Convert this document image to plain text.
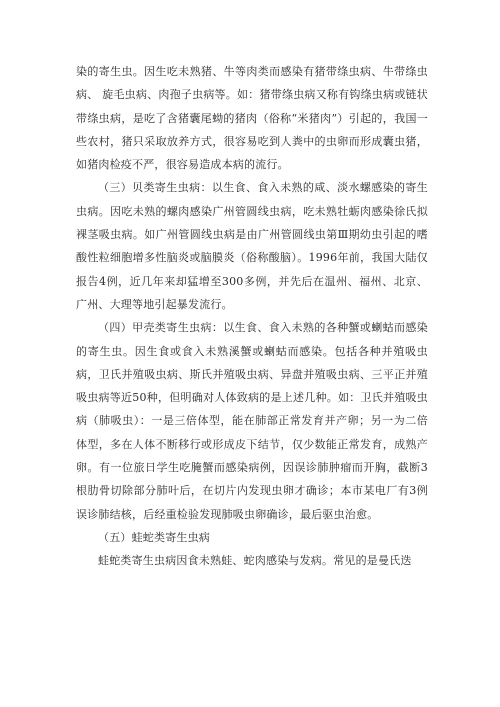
染的寄生虫。因生吃未熟猪、牛等肉类而感染有猪带绦虫病、牛带绦虫病、 旋毛虫病、肉孢子虫病等。如：猪带绦虫病又称有钩绦虫病或链状带绦虫病，是吃了含猪囊尾蚴的猪肉（俗称“米猪肉”）引起的，我国一些农村，猪只采取放养方式，很容易吃到人粪中的虫卵而形成囊虫猪，如猪肉检疫不严，很容易造成本病的流行。

（三）贝类寄生虫病：以生食、食入未熟的咸、淡水螺感染的寄生虫病。因吃未熟的螺肉感染广州管圆线虫病，吃未熟牡蛎肉感染徐氏拟裸茎吸虫病。如广州管圆线虫病是由广州管圆线虫第Ⅲ期幼虫引起的嗜酸性粒细胞增多性脑炎或脑膜炎（俗称酸脑）。1996年前，我国大陆仅报告4例，近几年来却猛增至300多例，并先后在温州、福州、北京、广州、大理等地引起暴发流行。

（四）甲壳类寄生虫病：以生食、食入未熟的各种蟹或蝲蛄而感染的寄生虫。因生食或食入未熟溪蟹或蝲蛄而感染。包括各种并殖吸虫病，卫氏并殖吸虫病、斯氏并殖吸虫病、异盘并殖吸虫病、三平正并殖吸虫病等近50种，但明确对人体致病的是上述几种。如：卫氏并殖吸虫病（肺吸虫）：一是三倍体型，能在肺部正常发育并产卵；另一为二倍体型，多在人体不断移行或形成皮下结节，仅少数能正常发育，成熟产卵。有一位旅日学生吃腌蟹而感染病例，因误诊肺肿瘤而开胸，截断3根肋骨切除部分肺叶后，在切片内发现虫卵才确诊；本市某电厂有3例误诊肺结核，后经重检验发现肺吸虫卵确诊，最后驱虫治愈。

（五）蛙蛇类寄生虫病

蛙蛇类寄生虫病因食未熟蛙、蛇肉感染与发病。常见的是曼氏迭
